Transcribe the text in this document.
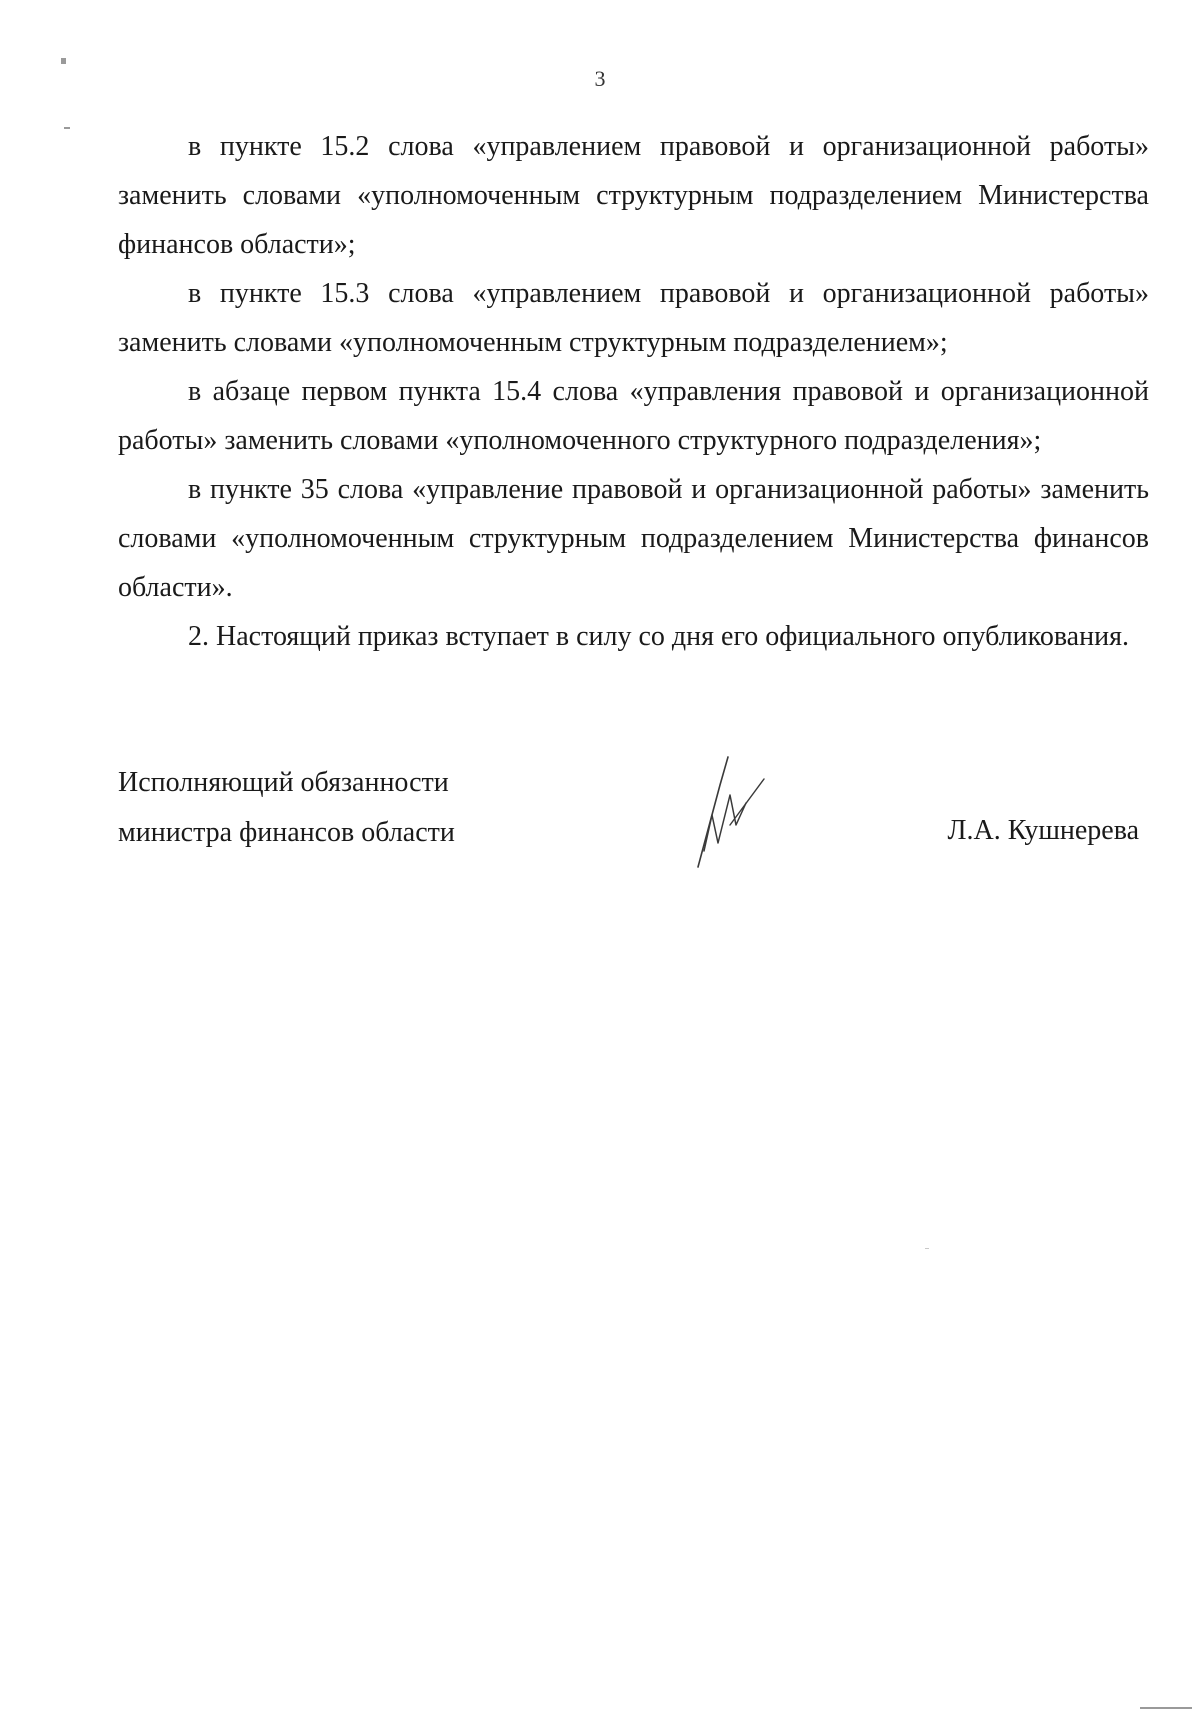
3

в пункте 15.2 слова «управлением правовой и организационной работы» заменить словами «уполномоченным структурным подразделением Министерства финансов области»;

в пункте 15.3 слова «управлением правовой и организационной работы» заменить словами «уполномоченным структурным подразделением»;

в абзаце первом пункта 15.4 слова «управления правовой и организационной работы» заменить словами «уполномоченного структурного подразделения»;

в пункте 35 слова «управление правовой и организационной работы» заменить словами «уполномоченным структурным подразделением Министерства финансов области».

2. Настоящий приказ вступает в силу со дня его официального опубликования.

Исполняющий обязанности
министра финансов области	Л.А. Кушнерева
